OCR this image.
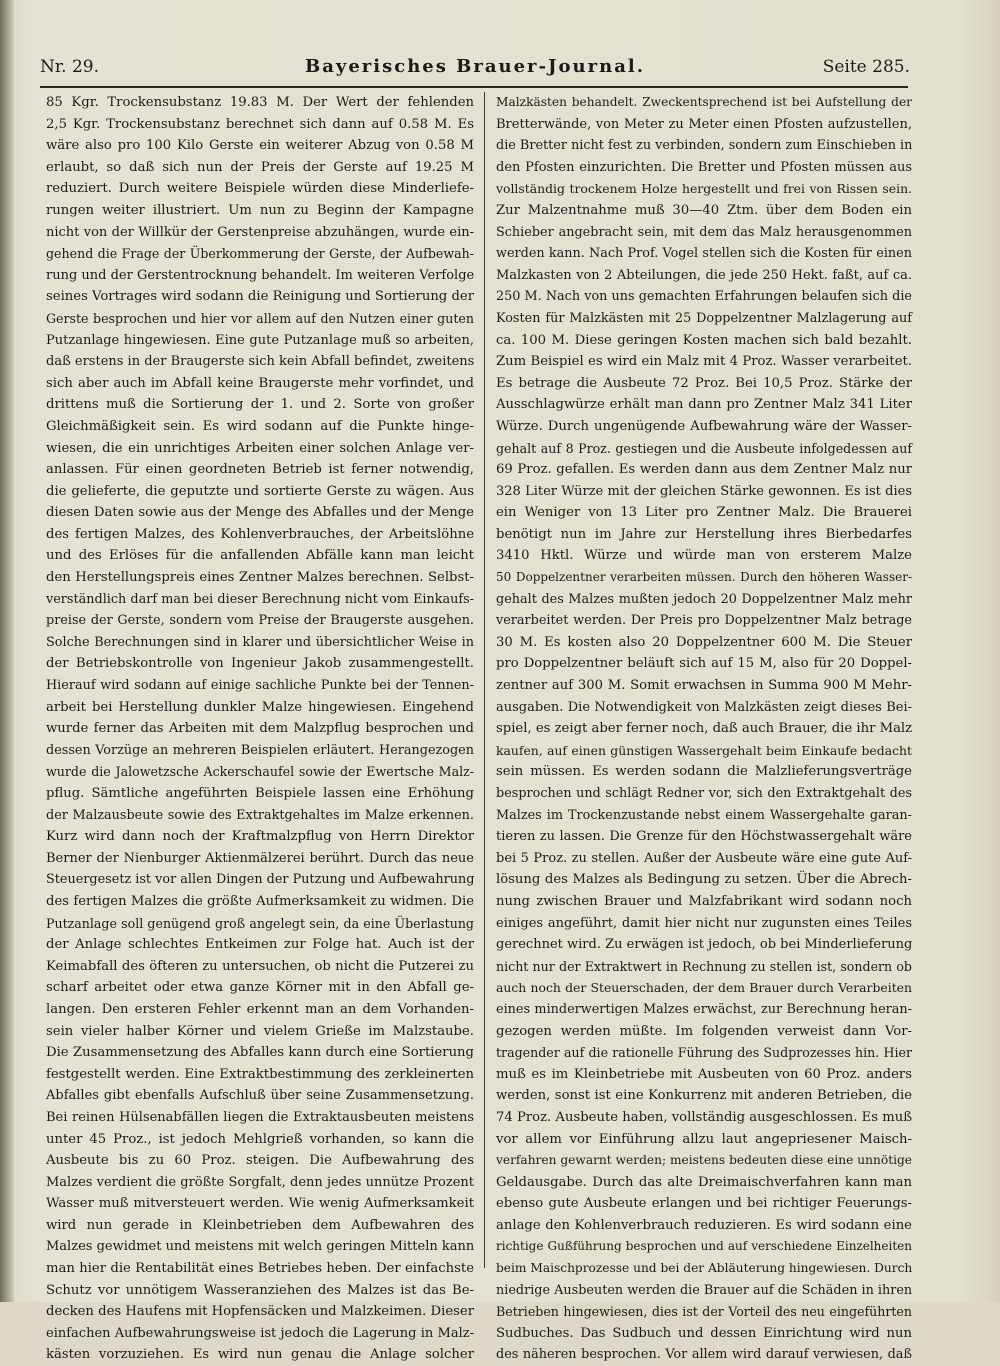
Nr. 29.	Bayerisches Brauer-Journal.	Seite 285.
85 Kgr. Trockensubstanz 19.83 M. Der Wert der fehlenden
2,5 Kgr. Trockensubstanz berechnet sich dann auf 0.58 M. Es
wäre also pro 100 Kilo Gerste ein weiterer Abzug von 0.58 M
erlaubt, so daß sich nun der Preis der Gerste auf 19.25 M
reduziert. Durch weitere Beispiele würden diese Minderliefe-
rungen weiter illustriert. Um nun zu Beginn der Kampagne
nicht von der Willkür der Gerstenpreise abzuhängen, wurde ein-
gehend die Frage der Überkommerung der Gerste, der Aufbewah-
rung und der Gerstentrocknung behandelt. Im weiteren Verfolge
seines Vortrages wird sodann die Reinigung und Sortierung der
Gerste besprochen und hier vor allem auf den Nutzen einer guten
Putzanlage hingewiesen. Eine gute Putzanlage muß so arbeiten,
daß erstens in der Braugerste sich kein Abfall befindet, zweitens
sich aber auch im Abfall keine Braugerste mehr vorfindet, und
drittens muß die Sortierung der 1. und 2. Sorte von großer
Gleichmäßigkeit sein. Es wird sodann auf die Punkte hinge-
wiesen, die ein unrichtiges Arbeiten einer solchen Anlage ver-
anlassen. Für einen geordneten Betrieb ist ferner notwendig,
die gelieferte, die geputzte und sortierte Gerste zu wägen. Aus
diesen Daten sowie aus der Menge des Abfalles und der Menge
des fertigen Malzes, des Kohlenverbrauches, der Arbeitslöhne
und des Erlöses für die anfallenden Abfälle kann man leicht
den Herstellungspreis eines Zentner Malzes berechnen. Selbst-
verständlich darf man bei dieser Berechnung nicht vom Einkaufs-
preise der Gerste, sondern vom Preise der Braugerste ausgehen.
Solche Berechnungen sind in klarer und übersichtlicher Weise in
der Betriebskontrolle von Ingenieur Jakob zusammengestellt.
Hierauf wird sodann auf einige sachliche Punkte bei der Tennen-
arbeit bei Herstellung dunkler Malze hingewiesen. Eingehend
wurde ferner das Arbeiten mit dem Malzpflug besprochen und
dessen Vorzüge an mehreren Beispielen erläutert. Herangezogen
wurde die Jalowetzsche Ackerschaufel sowie der Ewertsche Malz-
pflug. Sämtliche angeführten Beispiele lassen eine Erhöhung
der Malzausbeute sowie des Extraktgehaltes im Malze erkennen.
Kurz wird dann noch der Kraftmalzpflug von Herrn Direktor
Berner der Nienburger Aktienmälzerei berührt. Durch das neue
Steuergesetz ist vor allen Dingen der Putzung und Aufbewahrung
des fertigen Malzes die größte Aufmerksamkeit zu widmen. Die
Putzanlage soll genügend groß angelegt sein, da eine Überlastung
der Anlage schlechtes Entkeimen zur Folge hat. Auch ist der
Keimabfall des öfteren zu untersuchen, ob nicht die Putzerei zu
scharf arbeitet oder etwa ganze Körner mit in den Abfall ge-
langen. Den ersteren Fehler erkennt man an dem Vorhanden-
sein vieler halber Körner und vielem Grieße im Malzstaube.
Die Zusammensetzung des Abfalles kann durch eine Sortierung
festgestellt werden. Eine Extraktbestimmung des zerkleinerten
Abfalles gibt ebenfalls Aufschluß über seine Zusammensetzung.
Bei reinen Hülsenabfällen liegen die Extraktausbeuten meistens
unter 45 Proz., ist jedoch Mehlgrieß vorhanden, so kann die
Ausbeute bis zu 60 Proz. steigen. Die Aufbewahrung des
Malzes verdient die größte Sorgfalt, denn jedes unnütze Prozent
Wasser muß mitversteuert werden. Wie wenig Aufmerksamkeit
wird nun gerade in Kleinbetrieben dem Aufbewahren des
Malzes gewidmet und meistens mit welch geringen Mitteln kann
man hier die Rentabilität eines Betriebes heben. Der einfachste
Schutz vor unnötigem Wasseranziehen des Malzes ist das Be-
decken des Haufens mit Hopfensäcken und Malzkeimen. Dieser
einfachen Aufbewahrungsweise ist jedoch die Lagerung in Malz-
kästen vorzuziehen. Es wird nun genau die Anlage solcher
Malzkästen behandelt. Zweckentsprechend ist bei Aufstellung der
Bretterwände, von Meter zu Meter einen Pfosten aufzustellen,
die Bretter nicht fest zu verbinden, sondern zum Einschieben in
den Pfosten einzurichten. Die Bretter und Pfosten müssen aus
vollständig trockenem Holze hergestellt und frei von Rissen sein.
Zur Malzentnahme muß 30—40 Ztm. über dem Boden ein
Schieber angebracht sein, mit dem das Malz herausgenommen
werden kann. Nach Prof. Vogel stellen sich die Kosten für einen
Malzkasten von 2 Abteilungen, die jede 250 Hekt. faßt, auf ca.
250 M. Nach von uns gemachten Erfahrungen belaufen sich die
Kosten für Malzkästen mit 25 Doppelzentner Malzlagerung auf
ca. 100 M. Diese geringen Kosten machen sich bald bezahlt.
Zum Beispiel es wird ein Malz mit 4 Proz. Wasser verarbeitet.
Es betrage die Ausbeute 72 Proz. Bei 10,5 Proz. Stärke der
Ausschlagwürze erhält man dann pro Zentner Malz 341 Liter
Würze. Durch ungenügende Aufbewahrung wäre der Wasser-
gehalt auf 8 Proz. gestiegen und die Ausbeute infolgedessen auf
69 Proz. gefallen. Es werden dann aus dem Zentner Malz nur
328 Liter Würze mit der gleichen Stärke gewonnen. Es ist dies
ein Weniger von 13 Liter pro Zentner Malz. Die Brauerei
benötigt nun im Jahre zur Herstellung ihres Bierbedarfes
3410 Hktl. Würze und würde man von ersterem Malze
50 Doppelzentner verarbeiten müssen. Durch den höheren Wasser-
gehalt des Malzes mußten jedoch 20 Doppelzentner Malz mehr
verarbeitet werden. Der Preis pro Doppelzentner Malz betrage
30 M. Es kosten also 20 Doppelzentner 600 M. Die Steuer
pro Doppelzentner beläuft sich auf 15 M, also für 20 Doppel-
zentner auf 300 M. Somit erwachsen in Summa 900 M Mehr-
ausgaben. Die Notwendigkeit von Malzkästen zeigt dieses Bei-
spiel, es zeigt aber ferner noch, daß auch Brauer, die ihr Malz
kaufen, auf einen günstigen Wassergehalt beim Einkaufe bedacht
sein müssen. Es werden sodann die Malzlieferungsverträge
besprochen und schlägt Redner vor, sich den Extraktgehalt des
Malzes im Trockenzustande nebst einem Wassergehalte garan-
tieren zu lassen. Die Grenze für den Höchstwassergehalt wäre
bei 5 Proz. zu stellen. Außer der Ausbeute wäre eine gute Auf-
lösung des Malzes als Bedingung zu setzen. Über die Abrech-
nung zwischen Brauer und Malzfabrikant wird sodann noch
einiges angeführt, damit hier nicht nur zugunsten eines Teiles
gerechnet wird. Zu erwägen ist jedoch, ob bei Minderlieferung
nicht nur der Extraktwert in Rechnung zu stellen ist, sondern ob
auch noch der Steuerschaden, der dem Brauer durch Verarbeiten
eines minderwertigen Malzes erwächst, zur Berechnung heran-
gezogen werden müßte. Im folgenden verweist dann Vor-
tragender auf die rationelle Führung des Sudprozesses hin. Hier
muß es im Kleinbetriebe mit Ausbeuten von 60 Proz. anders
werden, sonst ist eine Konkurrenz mit anderen Betrieben, die
74 Proz. Ausbeute haben, vollständig ausgeschlossen. Es muß
vor allem vor Einführung allzu laut angepriesener Maisch-
verfahren gewarnt werden; meistens bedeuten diese eine unnötige
Geldausgabe. Durch das alte Dreimaischverfahren kann man
ebenso gute Ausbeute erlangen und bei richtiger Feuerungs-
anlage den Kohlenverbrauch reduzieren. Es wird sodann eine
richtige Gußführung besprochen und auf verschiedene Einzelheiten
beim Maischprozesse und bei der Abläuterung hingewiesen. Durch
niedrige Ausbeuten werden die Brauer auf die Schäden in ihren
Betrieben hingewiesen, dies ist der Vorteil des neu eingeführten
Sudbuches. Das Sudbuch und dessen Einrichtung wird nun
des näheren besprochen. Vor allem wird darauf verwiesen, daß
